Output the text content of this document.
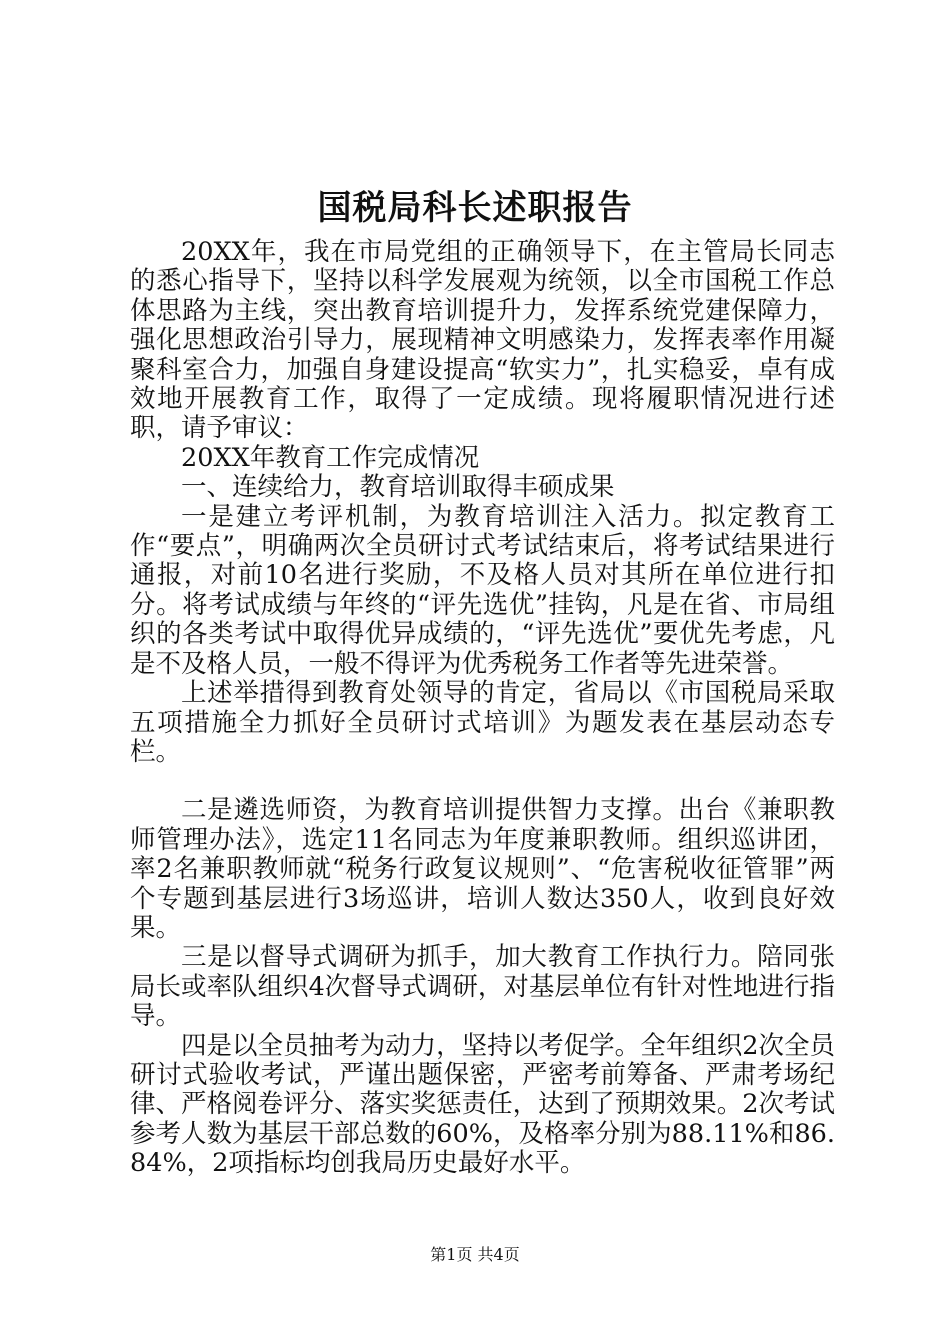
国税局科长述职报告

20XX年，我在市局党组的正确领导下，在主管局长同志的悉心指导下，坚持以科学发展观为统领，以全市国税工作总体思路为主线，突出教育培训提升力，发挥系统党建保障力，强化思想政治引导力，展现精神文明感染力，发挥表率作用凝聚科室合力，加强自身建设提高“软实力”，扎实稳妥，卓有成效地开展教育工作，取得了一定成绩。现将履职情况进行述职，请予审议：

20XX年教育工作完成情况

一、连续给力，教育培训取得丰硕成果

一是建立考评机制，为教育培训注入活力。拟定教育工作“要点”，明确两次全员研讨式考试结束后，将考试结果进行通报，对前10名进行奖励，不及格人员对其所在单位进行扣分。将考试成绩与年终的“评先选优”挂钩，凡是在省、市局组织的各类考试中取得优异成绩的，“评先选优”要优先考虑，凡是不及格人员，一般不得评为优秀税务工作者等先进荣誉。

上述举措得到教育处领导的肯定，省局以《市国税局采取五项措施全力抓好全员研讨式培训》为题发表在基层动态专栏。

二是遴选师资，为教育培训提供智力支撑。出台《兼职教师管理办法》，选定11名同志为年度兼职教师。组织巡讲团，率2名兼职教师就“税务行政复议规则”、“危害税收征管罪”两个专题到基层进行3场巡讲，培训人数达350人，收到良好效果。

三是以督导式调研为抓手，加大教育工作执行力。陪同张局长或率队组织4次督导式调研，对基层单位有针对性地进行指导。

四是以全员抽考为动力，坚持以考促学。全年组织2次全员研讨式验收考试，严谨出题保密，严密考前筹备、严肃考场纪律、严格阅卷评分、落实奖惩责任，达到了预期效果。2次考试参考人数为基层干部总数的60%，及格率分别为88.11%和86.84%，2项指标均创我局历史最好水平。

第1页 共4页
